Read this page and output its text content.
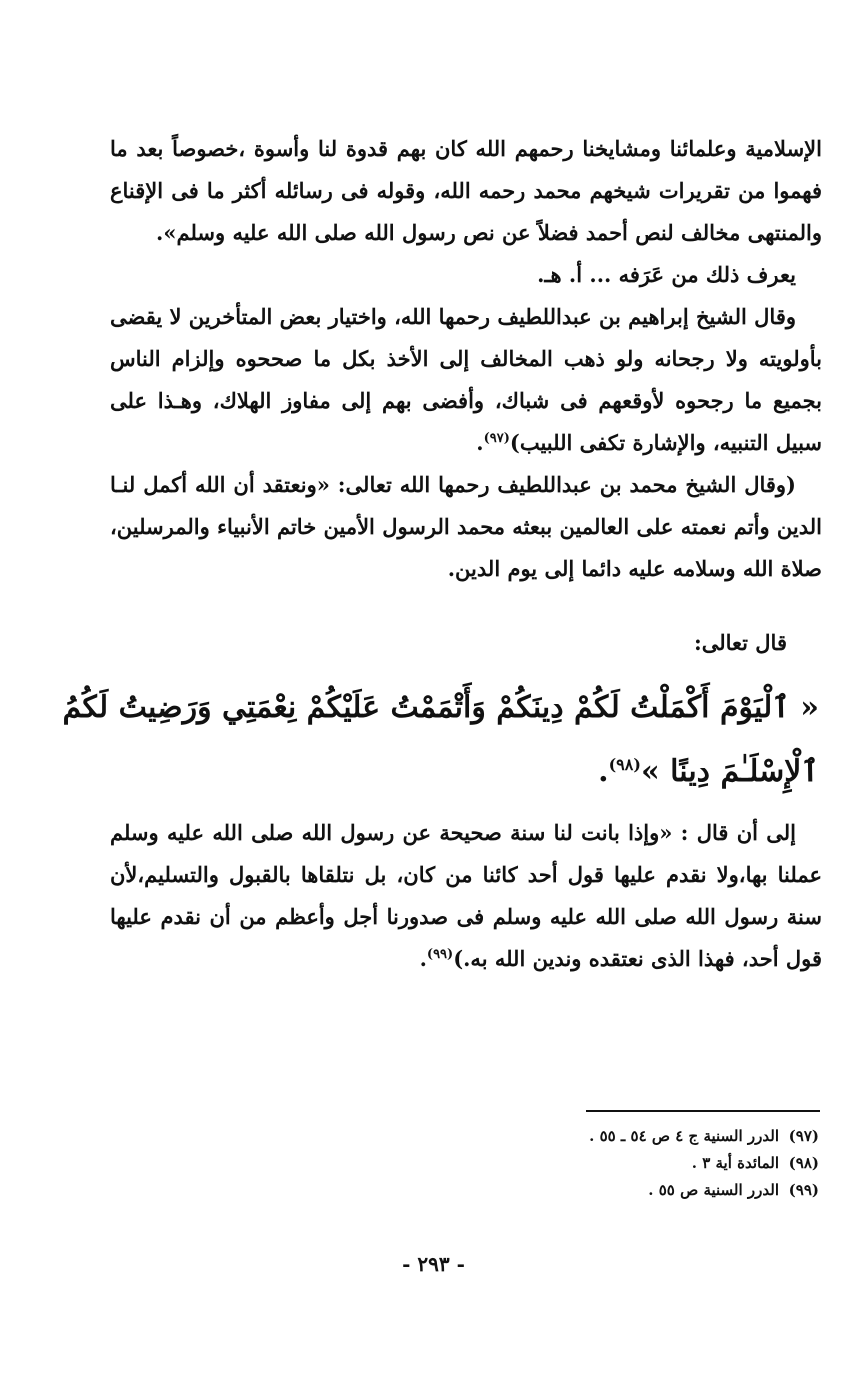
الإسلامية وعلمائنا ومشايخنا رحمهم الله كان بهم قدوة لنا وأسوة ،خصوصاً بعد ما فهموا من تقريرات شيخهم محمد رحمه الله، وقوله فى رسائله أكثر ما فى الإقناع والمنتهى مخالف لنص أحمد فضلاً عن نص رسول الله صلى الله عليه وسلم».

يعرف ذلك من عَرَفه ... أ. هـ.

وقال الشيخ إبراهيم بن عبداللطيف رحمها الله، واختيار بعض المتأخرين لا يقضى بأولويته ولا رجحانه ولو ذهب المخالف إلى الأخذ بكل ما صححوه وإلزام الناس بجميع ما رجحوه لأوقعهم فى شباك، وأفضى بهم إلى مفاوز الهلاك، وهـذا على سبيل التنبيه، والإشارة تكفى اللبيب)$^{(٩٧)}$.

(وقال الشيخ محمد بن عبداللطيف رحمها الله تعالى: «ونعتقد أن الله أكمل لنـا الدين وأتم نعمته على العالمين ببعثه محمد الرسول الأمين خاتم الأنبياء والمرسلين، صلاة الله وسلامه عليه دائما إلى يوم الدين.

قال تعالى:

« ٱلْيَوْمَ أَكْمَلْتُ لَكُمْ دِينَكُمْ وَأَتْمَمْتُ عَلَيْكُمْ نِعْمَتِي وَرَضِيتُ لَكُمُ ٱلْإِسْلَـٰمَ دِينًا »$^{(٩٨)}$.

إلى أن قال : «وإذا بانت لنا سنة صحيحة عن رسول الله صلى الله عليه وسلم عملنا بها،ولا نقدم عليها قول أحد كائنا من كان، بل نتلقاها بالقبول والتسليم،لأن سنة رسول الله صلى الله عليه وسلم فى صدورنا أجل وأعظم من أن نقدم عليها قول أحد، فهذا الذى نعتقده وندين الله به.)$^{(٩٩)}$.

(٩٧)الدرر السنية ج ٤ ص ٥٤ ـ ٥٥ .
(٩٨)المائدة أية ٣ .
(٩٩)الدرر السنية ص ٥٥ .
- ٢٩٣ -
